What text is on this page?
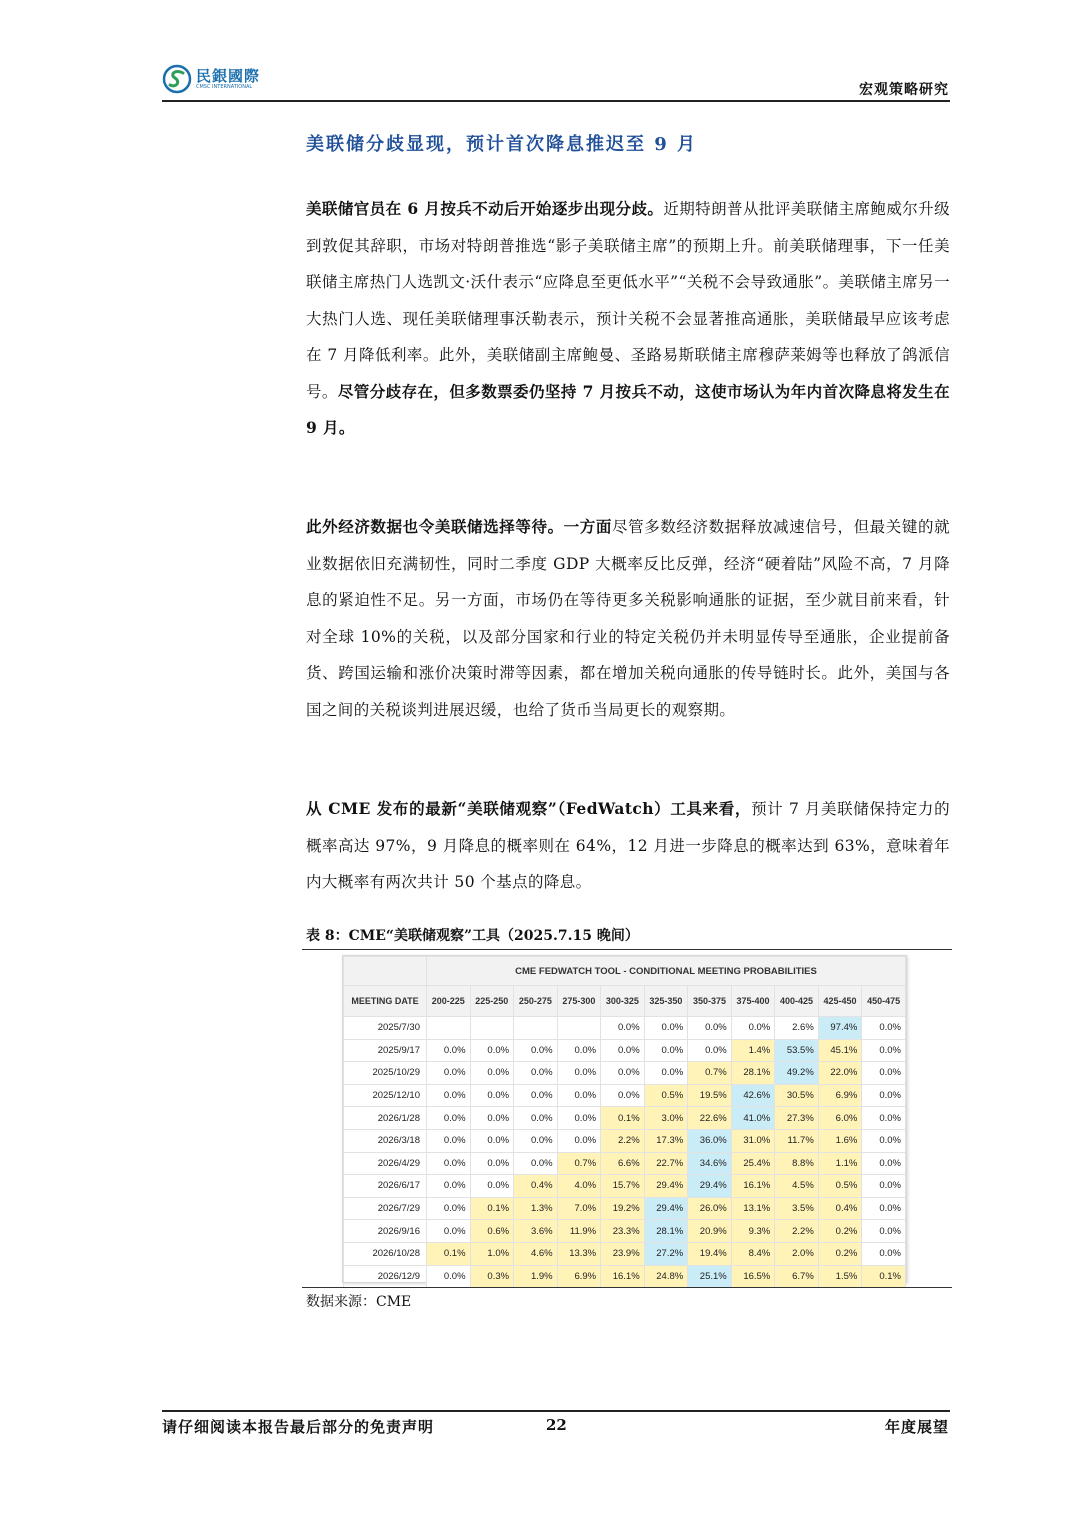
民銀國際
CMSC INTERNATIONAL	宏观策略研究
美联储分歧显现，预计首次降息推迟至 9 月
美联储官员在 6 月按兵不动后开始逐步出现分歧。近期特朗普从批评美联储主席鲍威尔升级到敦促其辞职，市场对特朗普推选“影子美联储主席”的预期上升。前美联储理事，下一任美联储主席热门人选凯文·沃什表示“应降息至更低水平”“关税不会导致通胀”。美联储主席另一大热门人选、现任美联储理事沃勒表示，预计关税不会显著推高通胀，美联储最早应该考虑在 7 月降低利率。此外，美联储副主席鲍曼、圣路易斯联储主席穆萨莱姆等也释放了鸽派信号。尽管分歧存在，但多数票委仍坚持 7 月按兵不动，这使市场认为年内首次降息将发生在 9 月。
此外经济数据也令美联储选择等待。一方面尽管多数经济数据释放减速信号，但最关键的就业数据依旧充满韧性，同时二季度 GDP 大概率反比反弹，经济“硬着陆”风险不高，7 月降息的紧迫性不足。另一方面，市场仍在等待更多关税影响通胀的证据，至少就目前来看，针对全球 10%的关税，以及部分国家和行业的特定关税仍并未明显传导至通胀，企业提前备货、跨国运输和涨价决策时滞等因素，都在增加关税向通胀的传导链时长。此外，美国与各国之间的关税谈判进展迟缓，也给了货币当局更长的观察期。
从 CME 发布的最新“美联储观察”（FedWatch）工具来看，预计 7 月美联储保持定力的概率高达 97%，9 月降息的概率则在 64%，12 月进一步降息的概率达到 63%，意味着年内大概率有两次共计 50 个基点的降息。
表 8：CME“美联储观察”工具（2025.7.15 晚间）
	CME FEDWATCH TOOL - CONDITIONAL MEETING PROBABILITIES										
MEETING DATE	200-225	225-250	250-275	275-300	300-325	325-350	350-375	375-400	400-425	425-450	450-475
2025/7/30					0.0%	0.0%	0.0%	0.0%	2.6%	97.4%	0.0%
2025/9/17	0.0%	0.0%	0.0%	0.0%	0.0%	0.0%	0.0%	1.4%	53.5%	45.1%	0.0%
2025/10/29	0.0%	0.0%	0.0%	0.0%	0.0%	0.0%	0.7%	28.1%	49.2%	22.0%	0.0%
2025/12/10	0.0%	0.0%	0.0%	0.0%	0.0%	0.5%	19.5%	42.6%	30.5%	6.9%	0.0%
2026/1/28	0.0%	0.0%	0.0%	0.0%	0.1%	3.0%	22.6%	41.0%	27.3%	6.0%	0.0%
2026/3/18	0.0%	0.0%	0.0%	0.0%	2.2%	17.3%	36.0%	31.0%	11.7%	1.6%	0.0%
2026/4/29	0.0%	0.0%	0.0%	0.7%	6.6%	22.7%	34.6%	25.4%	8.8%	1.1%	0.0%
2026/6/17	0.0%	0.0%	0.4%	4.0%	15.7%	29.4%	29.4%	16.1%	4.5%	0.5%	0.0%
2026/7/29	0.0%	0.1%	1.3%	7.0%	19.2%	29.4%	26.0%	13.1%	3.5%	0.4%	0.0%
2026/9/16	0.0%	0.6%	3.6%	11.9%	23.3%	28.1%	20.9%	9.3%	2.2%	0.2%	0.0%
2026/10/28	0.1%	1.0%	4.6%	13.3%	23.9%	27.2%	19.4%	8.4%	2.0%	0.2%	0.0%
2026/12/9	0.0%	0.3%	1.9%	6.9%	16.1%	24.8%	25.1%	16.5%	6.7%	1.5%	0.1%
数据来源：CME
请仔细阅读本报告最后部分的免责声明	22	年度展望
